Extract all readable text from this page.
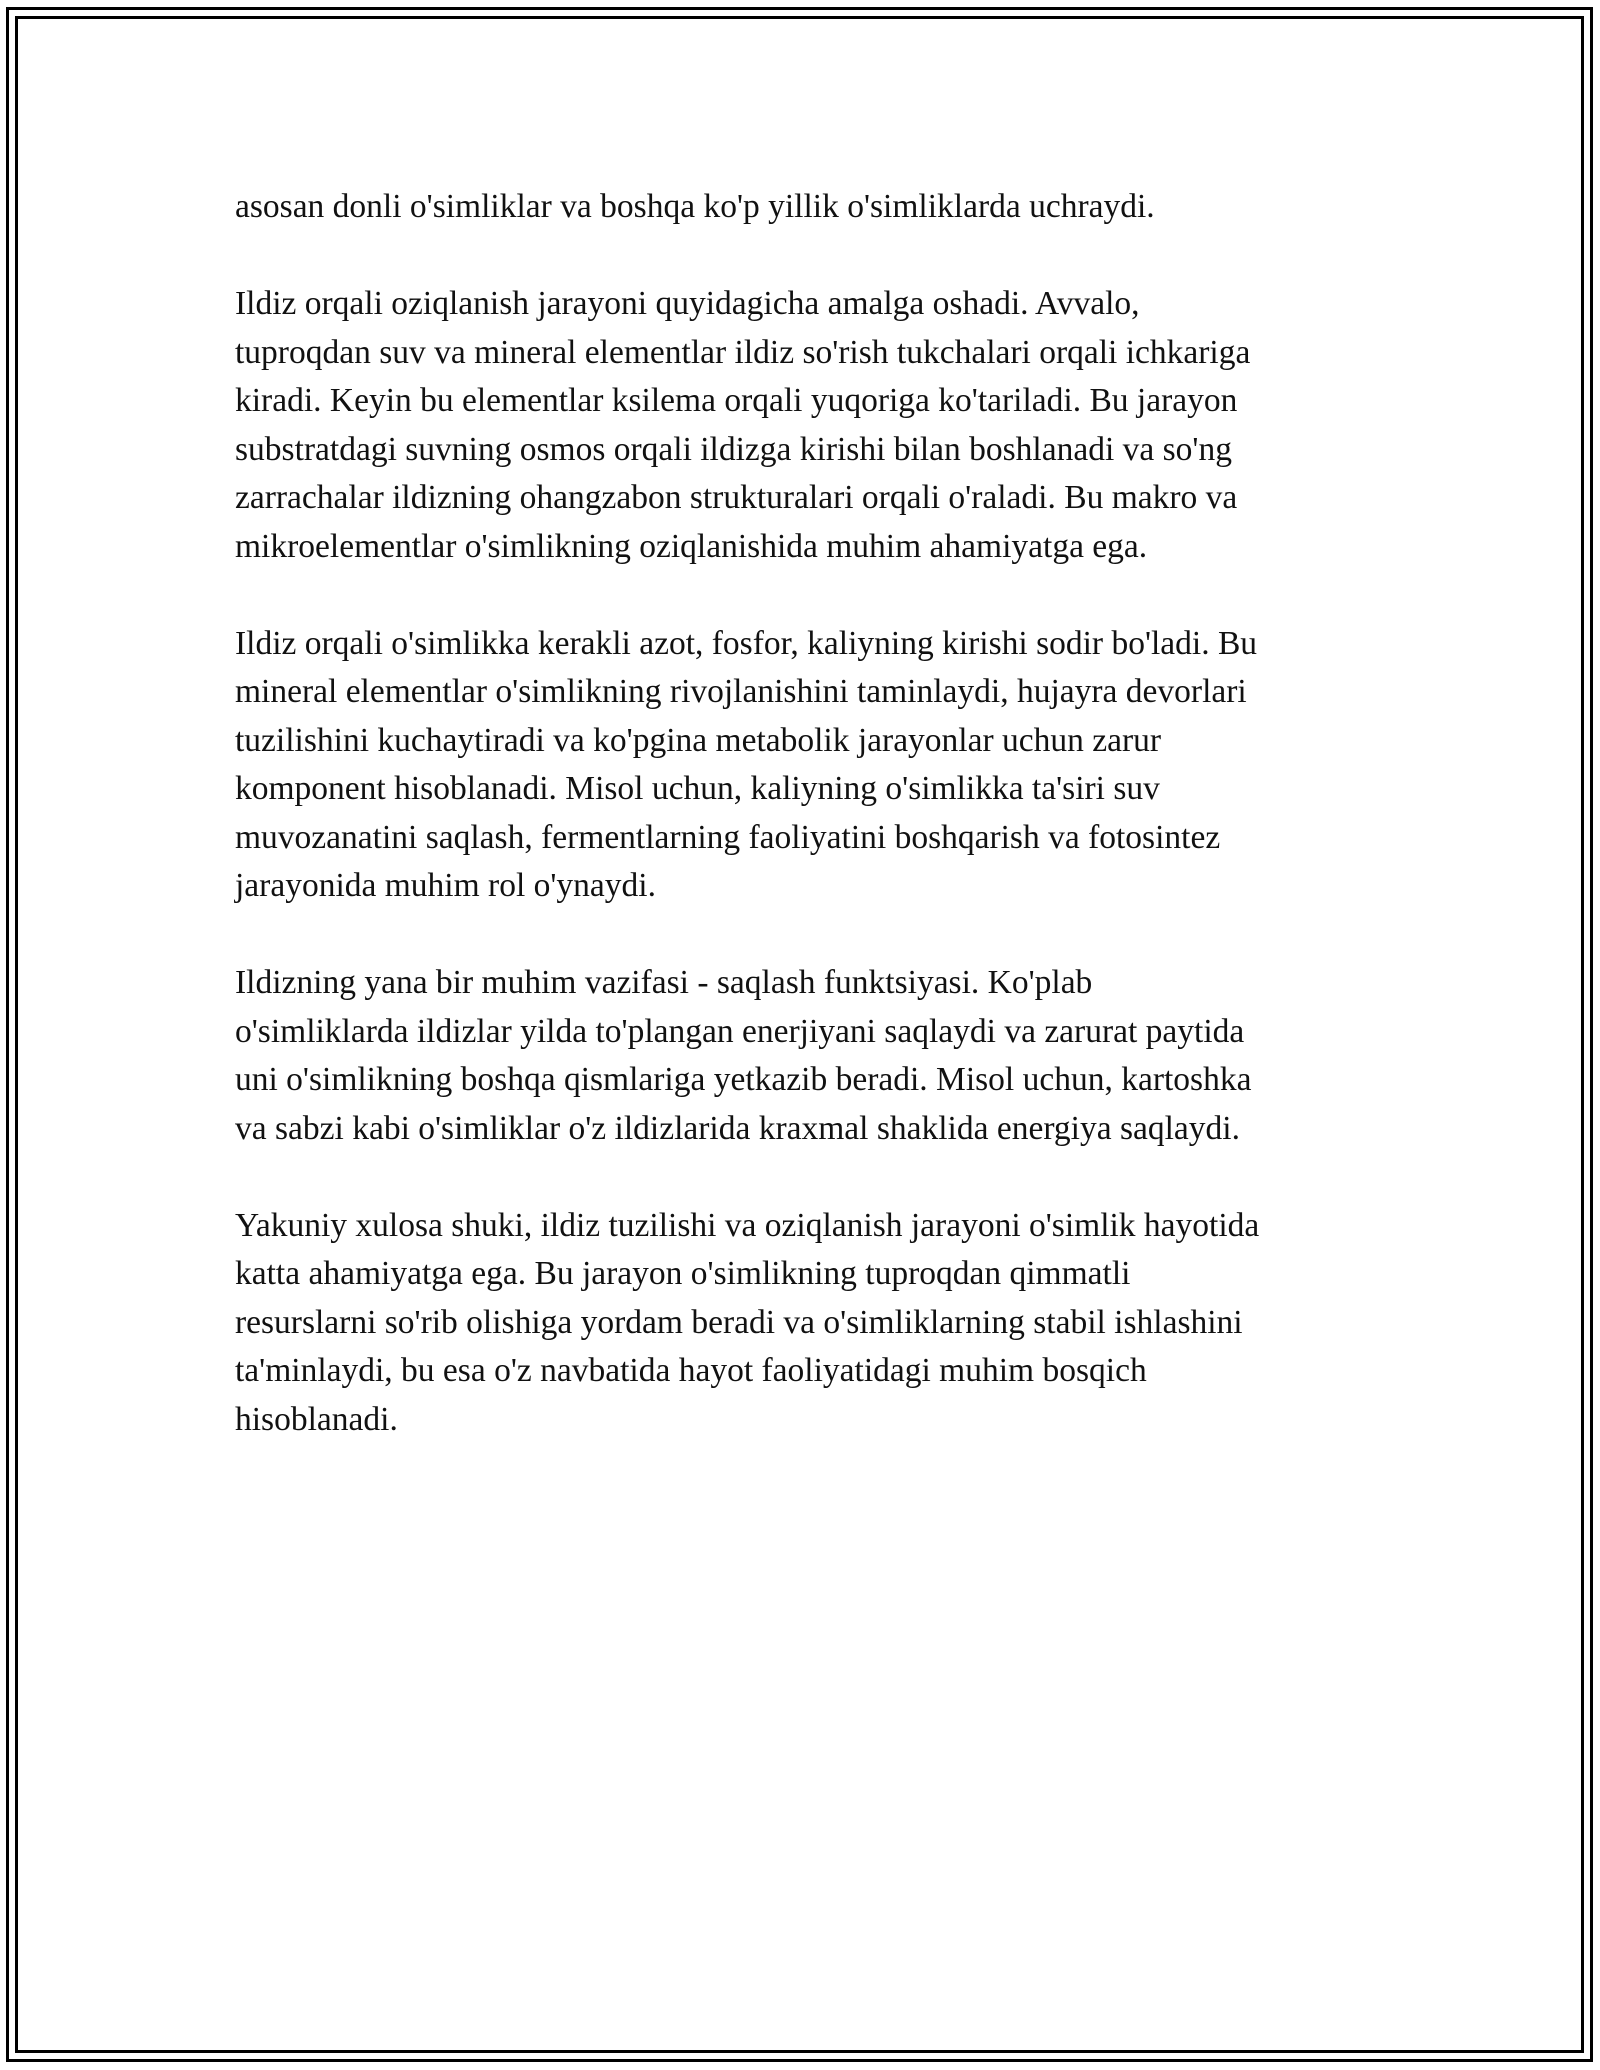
asosan donli o'simliklar va boshqa ko'p yillik o'simliklarda uchraydi.

Ildiz orqali oziqlanish jarayoni quyidagicha amalga oshadi. Avvalo,
tuproqdan suv va mineral elementlar ildiz so'rish tukchalari orqali ichkariga
kiradi. Keyin bu elementlar ksilema orqali yuqoriga ko'tariladi. Bu jarayon
substratdagi suvning osmos orqali ildizga kirishi bilan boshlanadi va so'ng
zarrachalar ildizning ohangzabon strukturalari orqali o'raladi. Bu makro va
mikroelementlar o'simlikning oziqlanishida muhim ahamiyatga ega.

Ildiz orqali o'simlikka kerakli azot, fosfor, kaliyning kirishi sodir bo'ladi. Bu
mineral elementlar o'simlikning rivojlanishini taminlaydi, hujayra devorlari
tuzilishini kuchaytiradi va ko'pgina metabolik jarayonlar uchun zarur
komponent hisoblanadi. Misol uchun, kaliyning o'simlikka ta'siri suv
muvozanatini saqlash, fermentlarning faoliyatini boshqarish va fotosintez
jarayonida muhim rol o'ynaydi.

Ildizning yana bir muhim vazifasi - saqlash funktsiyasi. Ko'plab
o'simliklarda ildizlar yilda to'plangan enerjiyani saqlaydi va zarurat paytida
uni o'simlikning boshqa qismlariga yetkazib beradi. Misol uchun, kartoshka
va sabzi kabi o'simliklar o'z ildizlarida kraxmal shaklida energiya saqlaydi.

Yakuniy xulosa shuki, ildiz tuzilishi va oziqlanish jarayoni o'simlik hayotida
katta ahamiyatga ega. Bu jarayon o'simlikning tuproqdan qimmatli
resurslarni so'rib olishiga yordam beradi va o'simliklarning stabil ishlashini
ta'minlaydi, bu esa o'z navbatida hayot faoliyatidagi muhim bosqich
hisoblanadi.
